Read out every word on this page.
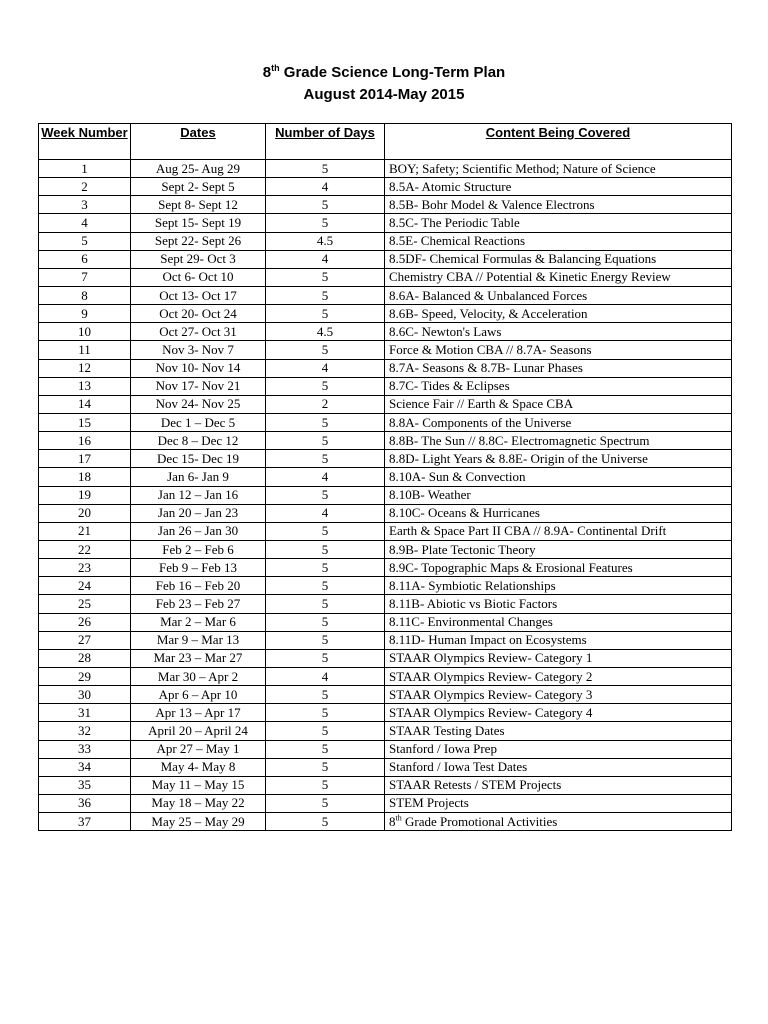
8th Grade Science Long-Term Plan
August 2014-May 2015
Week Number	Dates	Number of Days	Content Being Covered
1	Aug 25- Aug 29	5	BOY; Safety; Scientific Method; Nature of Science
2	Sept 2- Sept 5	4	8.5A- Atomic Structure
3	Sept 8- Sept 12	5	8.5B- Bohr Model & Valence Electrons
4	Sept 15- Sept 19	5	8.5C- The Periodic Table
5	Sept 22- Sept 26	4.5	8.5E- Chemical Reactions
6	Sept 29- Oct 3	4	8.5DF- Chemical Formulas & Balancing Equations
7	Oct 6- Oct 10	5	Chemistry CBA // Potential & Kinetic Energy Review
8	Oct 13- Oct 17	5	8.6A- Balanced & Unbalanced Forces
9	Oct 20- Oct 24	5	8.6B- Speed, Velocity, & Acceleration
10	Oct 27- Oct 31	4.5	8.6C- Newton's Laws
11	Nov 3- Nov 7	5	Force & Motion CBA // 8.7A- Seasons
12	Nov 10- Nov 14	4	8.7A- Seasons & 8.7B- Lunar Phases
13	Nov 17- Nov 21	5	8.7C- Tides & Eclipses
14	Nov 24- Nov 25	2	Science Fair // Earth & Space CBA
15	Dec 1 – Dec 5	5	8.8A- Components of the Universe
16	Dec 8 – Dec 12	5	8.8B- The Sun // 8.8C- Electromagnetic Spectrum
17	Dec 15- Dec 19	5	8.8D- Light Years & 8.8E- Origin of the Universe
18	Jan 6- Jan 9	4	8.10A- Sun & Convection
19	Jan 12 – Jan 16	5	8.10B- Weather
20	Jan 20 – Jan 23	4	8.10C- Oceans & Hurricanes
21	Jan 26 – Jan 30	5	Earth & Space Part II CBA // 8.9A- Continental Drift
22	Feb 2 – Feb 6	5	8.9B- Plate Tectonic Theory
23	Feb 9 – Feb 13	5	8.9C- Topographic Maps & Erosional Features
24	Feb 16 – Feb 20	5	8.11A- Symbiotic Relationships
25	Feb 23 – Feb 27	5	8.11B- Abiotic vs Biotic Factors
26	Mar 2 – Mar 6	5	8.11C- Environmental Changes
27	Mar 9 – Mar 13	5	8.11D- Human Impact on Ecosystems
28	Mar 23 – Mar 27	5	STAAR Olympics Review- Category 1
29	Mar 30 – Apr 2	4	STAAR Olympics Review- Category 2
30	Apr 6 – Apr 10	5	STAAR Olympics Review- Category 3
31	Apr 13 – Apr 17	5	STAAR Olympics Review- Category 4
32	April 20 – April 24	5	STAAR Testing Dates
33	Apr 27 – May 1	5	Stanford / Iowa Prep
34	May 4- May 8	5	Stanford / Iowa Test Dates
35	May 11 – May 15	5	STAAR Retests / STEM Projects
36	May 18 – May 22	5	STEM Projects
37	May 25 – May 29	5	8th Grade Promotional Activities
